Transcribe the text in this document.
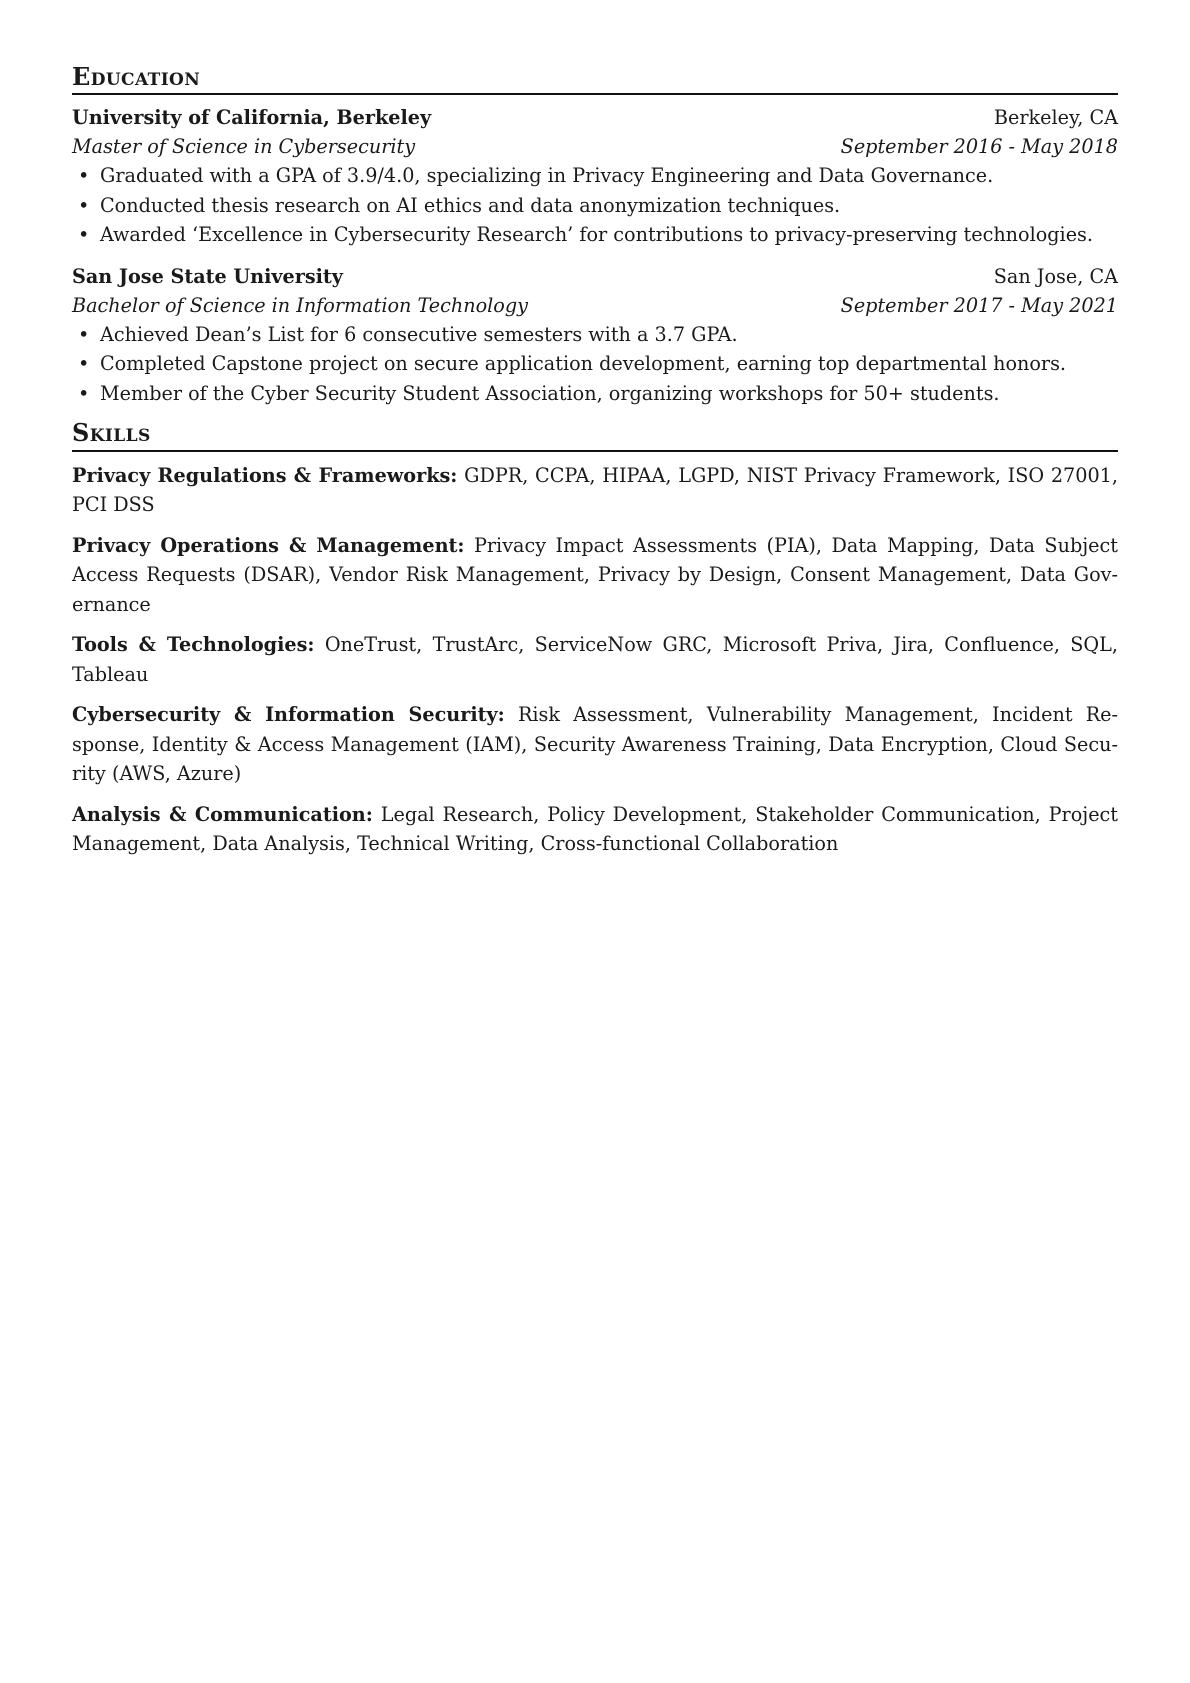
Education
University of California, Berkeley	Berkeley, CA
Master of Science in Cybersecurity	September 2016 - May 2018
• Graduated with a GPA of 3.9/4.0, specializing in Privacy Engineering and Data Governance.
• Conducted thesis research on AI ethics and data anonymization techniques.
• Awarded ‘Excellence in Cybersecurity Research’ for contributions to privacy-preserving technologies.
San Jose State University	San Jose, CA
Bachelor of Science in Information Technology	September 2017 - May 2021
• Achieved Dean’s List for 6 consecutive semesters with a 3.7 GPA.
• Completed Capstone project on secure application development, earning top departmental honors.
• Member of the Cyber Security Student Association, organizing workshops for 50+ students.
Skills

Privacy Regulations & Frameworks: GDPR, CCPA, HIPAA, LGPD, NIST Privacy Framework, ISO 27001, PCI DSS

Privacy Operations & Management: Privacy Impact Assessments (PIA), Data Mapping, Data Subject Access Requests (DSAR), Vendor Risk Management, Privacy by Design, Consent Management, Data Governance

Tools & Technologies: OneTrust, TrustArc, ServiceNow GRC, Microsoft Priva, Jira, Confluence, SQL, Tableau

Cybersecurity & Information Security: Risk Assessment, Vulnerability Management, Incident Response, Identity & Access Management (IAM), Security Awareness Training, Data Encryption, Cloud Security (AWS, Azure)

Analysis & Communication: Legal Research, Policy Development, Stakeholder Communication, Project Management, Data Analysis, Technical Writing, Cross-functional Collaboration
